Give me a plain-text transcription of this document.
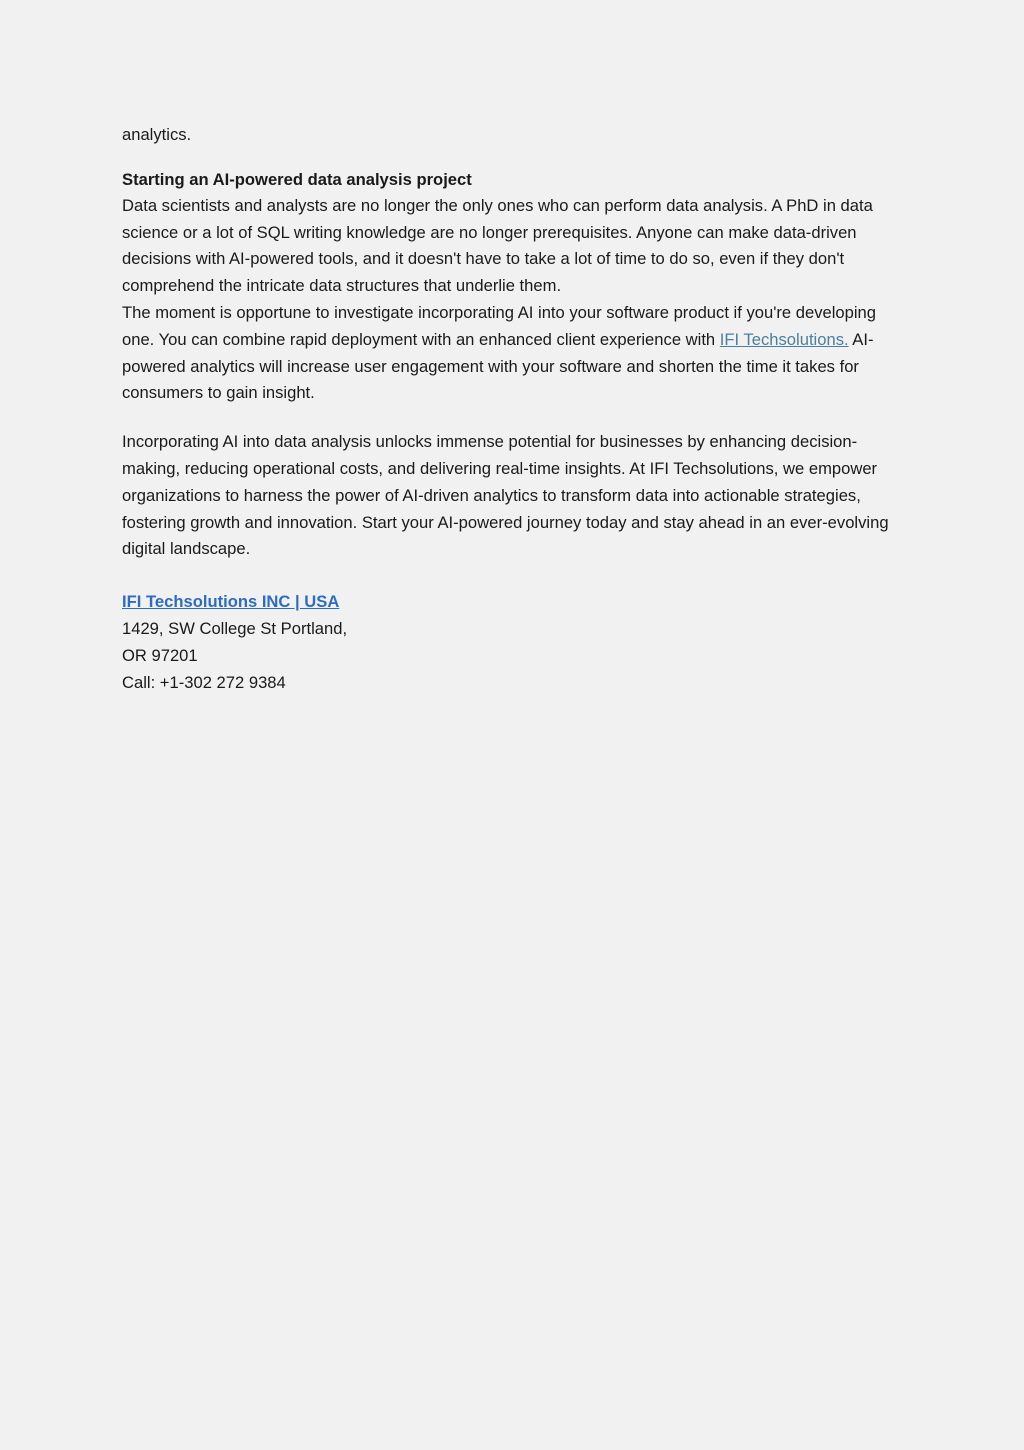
analytics.

Starting an AI-powered data analysis project

Data scientists and analysts are no longer the only ones who can perform data analysis. A PhD in data science or a lot of SQL writing knowledge are no longer prerequisites. Anyone can make data-driven decisions with AI-powered tools, and it doesn't have to take a lot of time to do so, even if they don't comprehend the intricate data structures that underlie them.

The moment is opportune to investigate incorporating AI into your software product if you're developing one. You can combine rapid deployment with an enhanced client experience with IFI Techsolutions. AI-powered analytics will increase user engagement with your software and shorten the time it takes for consumers to gain insight.

Incorporating AI into data analysis unlocks immense potential for businesses by enhancing decision-making, reducing operational costs, and delivering real-time insights. At IFI Techsolutions, we empower organizations to harness the power of AI-driven analytics to transform data into actionable strategies, fostering growth and innovation. Start your AI-powered journey today and stay ahead in an ever-evolving digital landscape.

IFI Techsolutions INC | USA

1429, SW College St Portland,

OR 97201

Call: +1-302 272 9384
